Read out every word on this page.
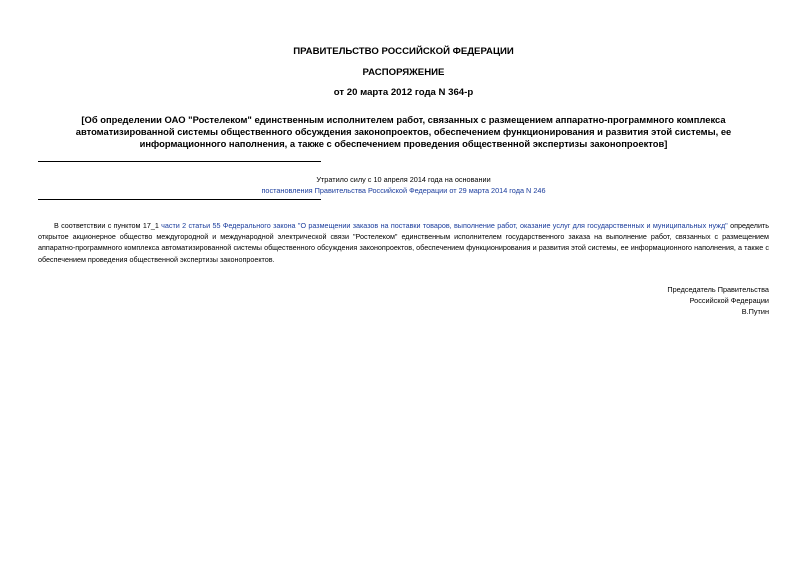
ПРАВИТЕЛЬСТВО РОССИЙСКОЙ ФЕДЕРАЦИИ
РАСПОРЯЖЕНИЕ
от 20 марта 2012 года N 364-р
[Об определении ОАО "Ростелеком" единственным исполнителем работ, связанных с размещением аппаратно-программного комплекса автоматизированной системы общественного обсуждения законопроектов, обеспечением функционирования и развития этой системы, ее информационного наполнения, а также с обеспечением проведения общественной экспертизы законопроектов]
Утратило силу с 10 апреля 2014 года на основании
постановления Правительства Российской Федерации от 29 марта 2014 года N 246
В соответствии с пунктом 17_1 части 2 статьи 55 Федерального закона "О размещении заказов на поставки товаров, выполнение работ, оказание услуг для государственных и муниципальных нужд" определить открытое акционерное общество междугородной и международной электрической связи "Ростелеком" единственным исполнителем государственного заказа на выполнение работ, связанных с размещением аппаратно-программного комплекса автоматизированной системы общественного обсуждения законопроектов, обеспечением функционирования и развития этой системы, ее информационного наполнения, а также с обеспечением проведения общественной экспертизы законопроектов.
Председатель Правительства
Российской Федерации
В.Путин
